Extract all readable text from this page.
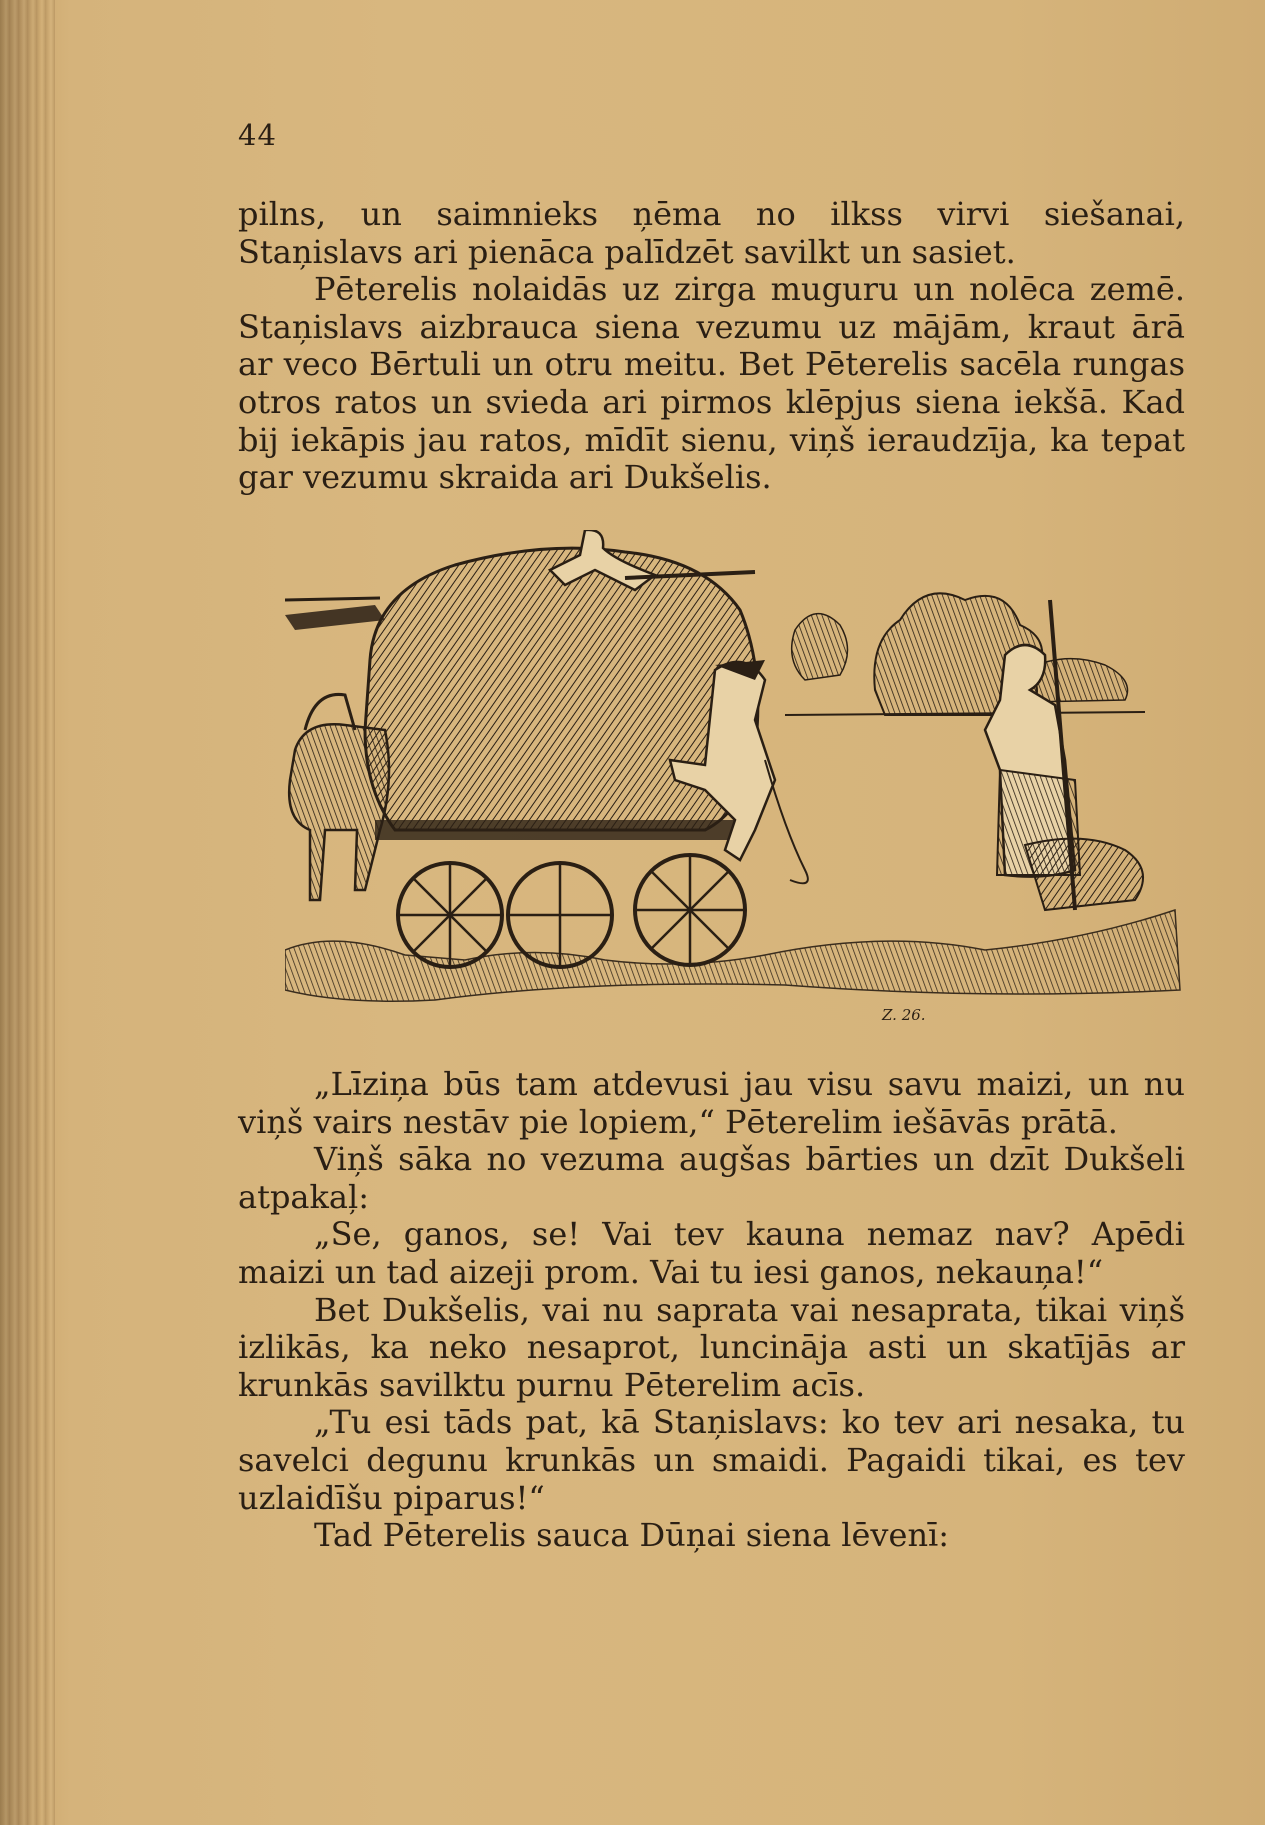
44

pilns, un saimnieks ņēma no ilkss virvi siešanai, Staņislavs ari pienāca palīdzēt savilkt un sasiet.

Pēterelis nolaidās uz zirga muguru un nolēca zemē. Staņislavs aizbrauca siena vezumu uz mājām, kraut ārā ar veco Bērtuli un otru meitu. Bet Pēterelis sacēla rungas otros ratos un svieda ari pirmos klēpjus siena iekšā. Kad bij iekāpis jau ratos, mīdīt sienu, viņš ieraudzīja, ka tepat gar vezumu skraida ari Dukšelis.

Z. 26.

„Līziņa būs tam atdevusi jau visu savu maizi, un nu viņš vairs nestāv pie lopiem,“ Pēterelim iešāvās prātā.

Viņš sāka no vezuma augšas bārties un dzīt Dukšeli atpakaļ:

„Se, ganos, se! Vai tev kauna nemaz nav? Apēdi maizi un tad aizeji prom. Vai tu iesi ganos, nekauņa!“

Bet Dukšelis, vai nu saprata vai nesaprata, tikai viņš izlikās, ka neko nesaprot, luncināja asti un skatījās ar krunkās savilktu purnu Pēterelim acīs.

„Tu esi tāds pat, kā Staņislavs: ko tev ari nesaka, tu savelci degunu krunkās un smaidi. Pagaidi tikai, es tev uzlaidīšu piparus!“

Tad Pēterelis sauca Dūņai siena lēvenī:
